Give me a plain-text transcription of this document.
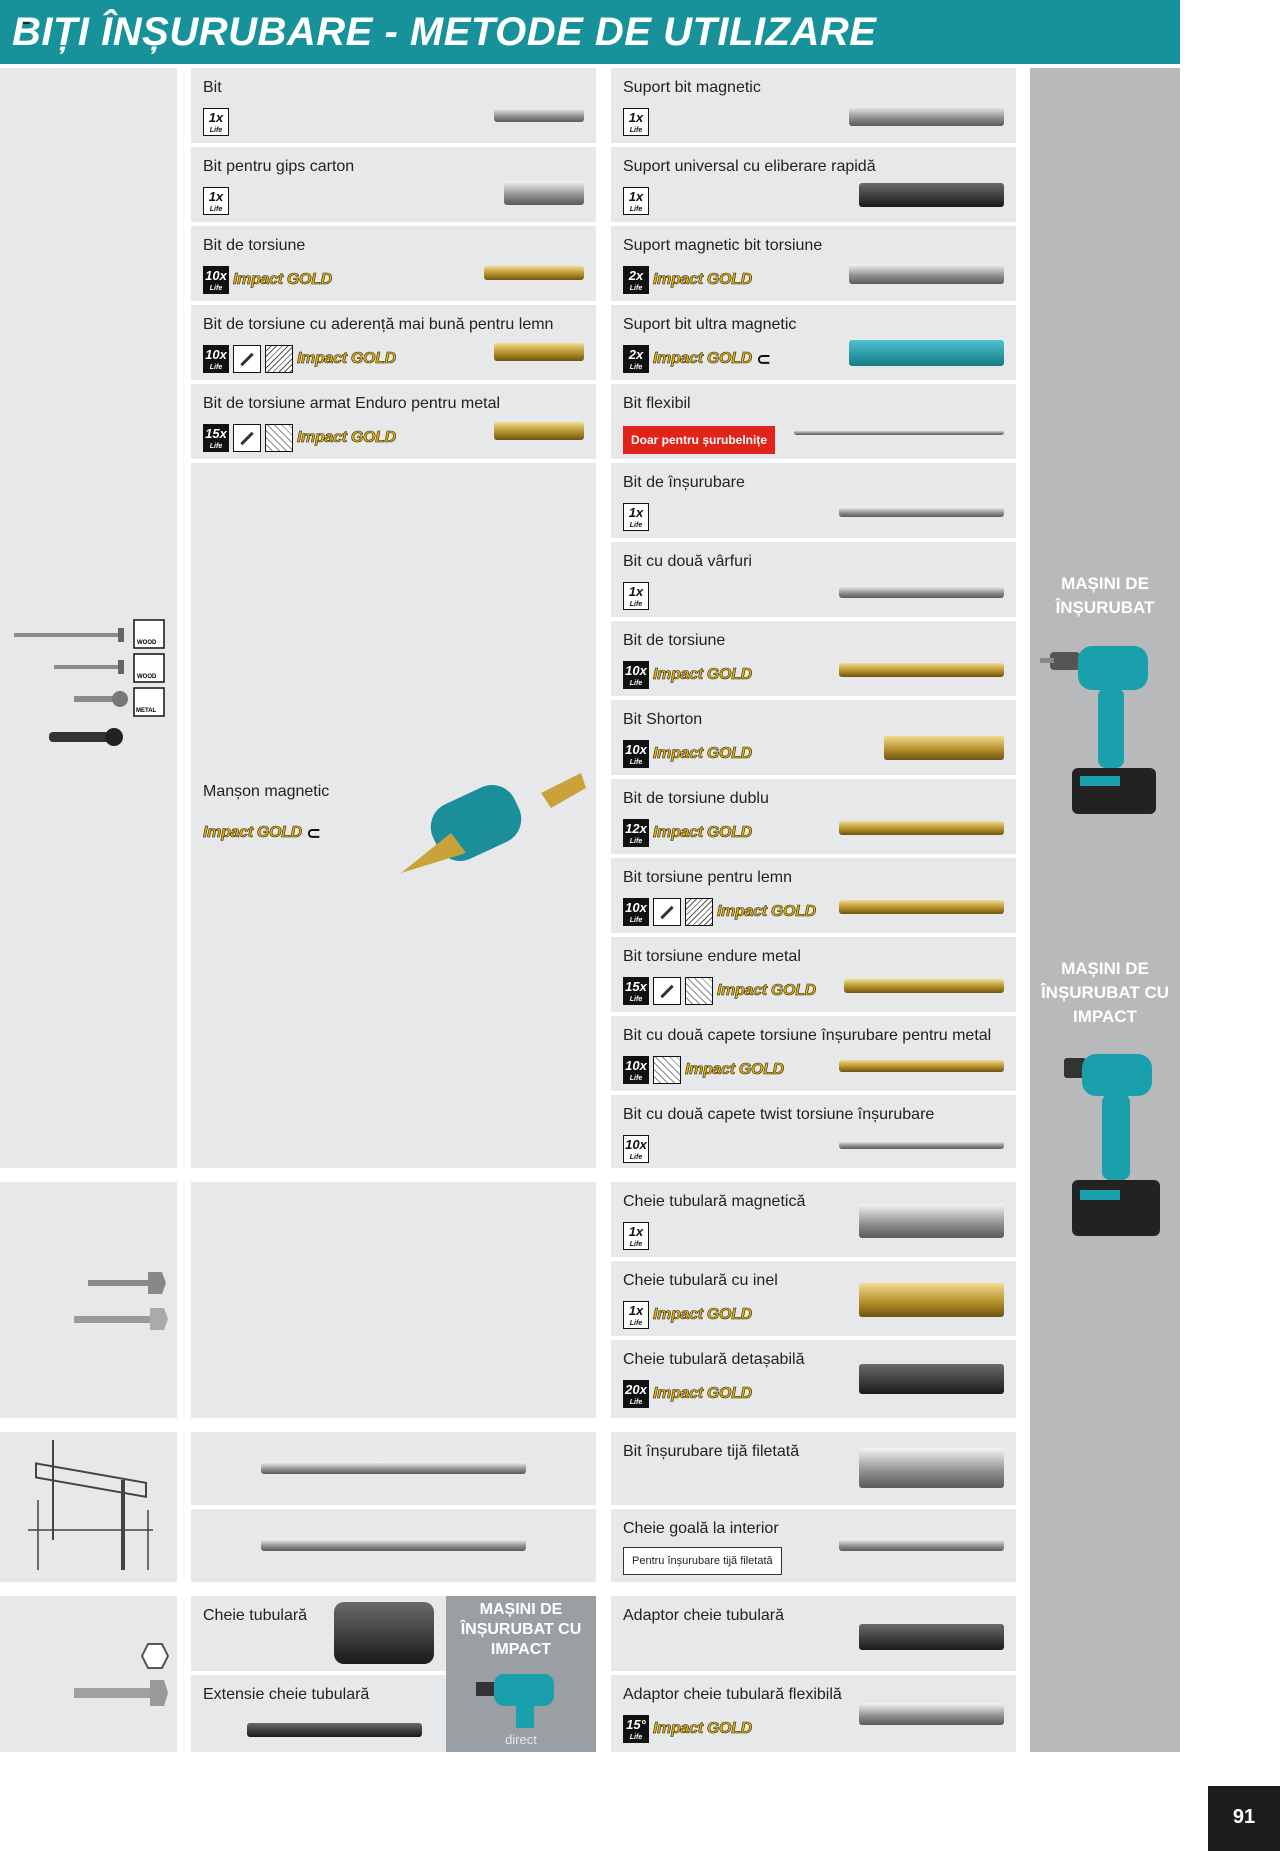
BIȚI ÎNȘURUBARE - METODE DE UTILIZARE
MAȘINI DE ÎNȘURUBAT
MAȘINI DE ÎNȘURUBAT CU IMPACT
WOOD
WOOD
METAL
Bit
1x Life
Bit pentru gips carton
1x Life
Bit de torsiune
10x Life Impact GOLD
Bit de torsiune cu aderență mai bună pentru lemn
10x Life	Impact GOLD
Bit de torsiune armat Enduro pentru metal
15x Life	Impact GOLD
Manșon magnetic
Impact GOLD ⊂
Suport bit magnetic
1x Life
Suport universal cu eliberare rapidă
1x Life
Suport magnetic bit torsiune
2x Life Impact GOLD
Suport bit ultra magnetic
2x Life Impact GOLD ⊂
Bit flexibil
Doar pentru șurubelnițe
Bit de înșurubare
1x Life
Bit cu două vârfuri
1x Life
Bit de torsiune
10x Life Impact GOLD
Bit Shorton
10x Life Impact GOLD
Bit de torsiune dublu
12x Life Impact GOLD
Bit torsiune pentru lemn
10x Life	Impact GOLD
Bit torsiune endure metal
15x Life	Impact GOLD
Bit cu două capete torsiune înșurubare pentru metal
10x Life Impact GOLD
Bit cu două capete twist torsiune înșurubare
10x Life
Cheie tubulară magnetică
1x Life
Cheie tubulară cu inel
1x Life Impact GOLD
Cheie tubulară detașabilă
20x Life Impact GOLD
Bit înșurubare tijă filetată
Cheie goală la interior
Pentru înșurubare tijă filetată
Cheie tubulară
Extensie cheie tubulară
MAȘINI DE ÎNȘURUBAT CU IMPACT
direct
Adaptor cheie tubulară
Adaptor cheie tubulară flexibilă
15° Life Impact GOLD
91
